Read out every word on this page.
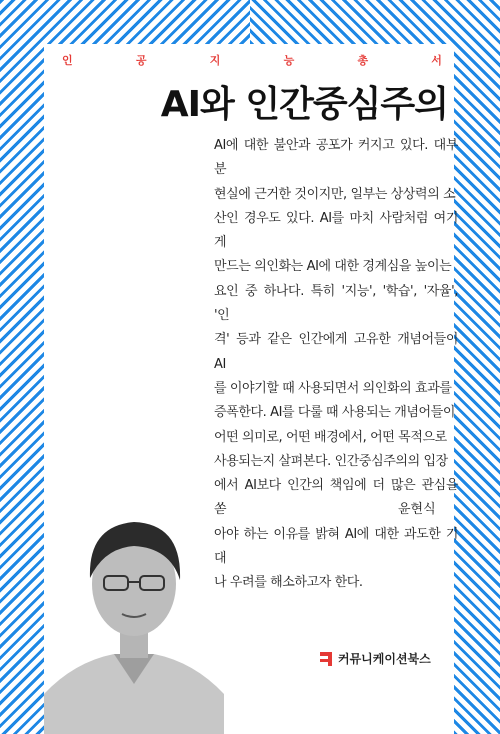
인	공	지	능	총	서
AI와 인간중심주의
AI에 대한 불안과 공포가 커지고 있다. 대부분
현실에 근거한 것이지만, 일부는 상상력의 소
산인 경우도 있다. AI를 마치 사람처럼 여기게
만드는 의인화는 AI에 대한 경계심을 높이는
요인 중 하나다. 특히 '지능', '학습', '자율', '인
격' 등과 같은 인간에게 고유한 개념어들이 AI
를 이야기할 때 사용되면서 의인화의 효과를
증폭한다. AI를 다룰 때 사용되는 개념어들이
어떤 의미로, 어떤 배경에서, 어떤 목적으로
사용되는지 살펴본다. 인간중심주의의 입장
에서 AI보다 인간의 책임에 더 많은 관심을 쏟
아야 하는 이유를 밝혀 AI에 대한 과도한 기대
나 우려를 해소하고자 한다.
윤현식
커뮤니케이션북스
